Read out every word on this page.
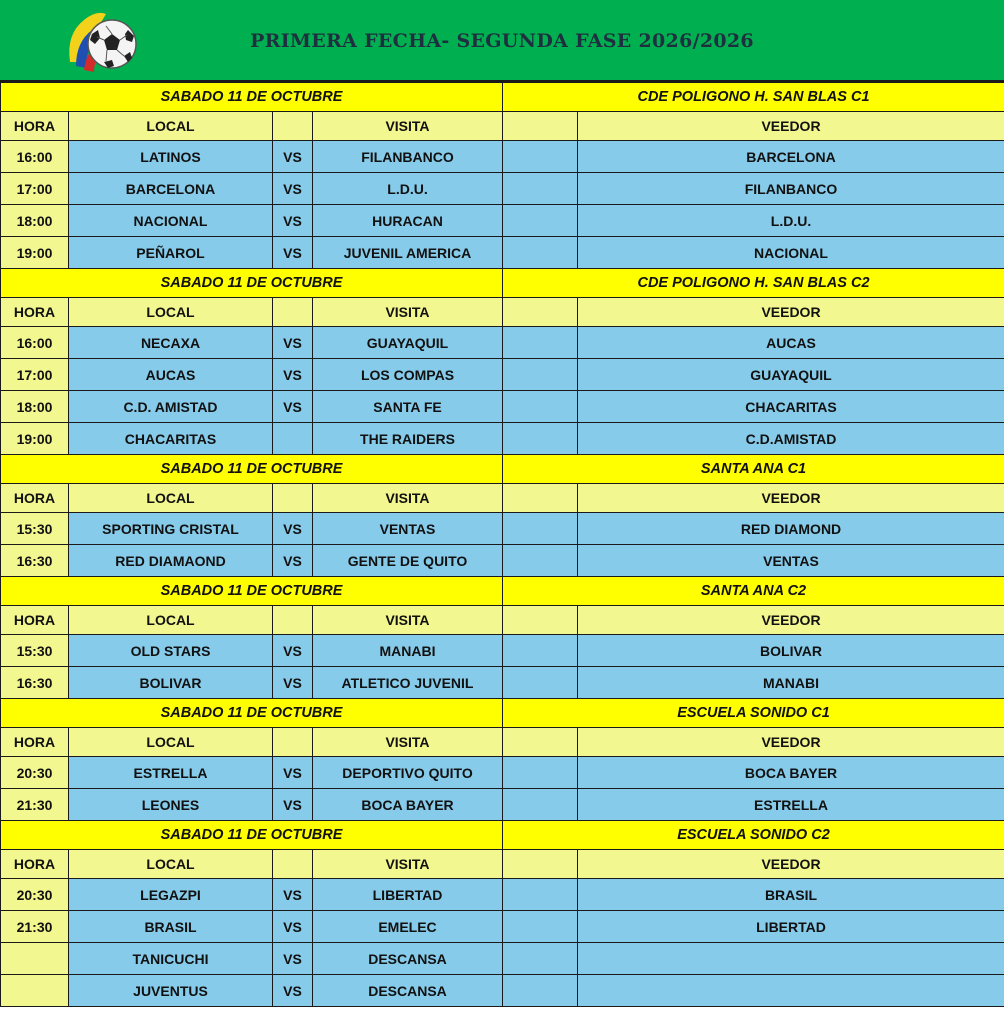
PRIMERA FECHA- SEGUNDA FASE 2026/2026
SABADO 11 DE OCTUBRE				CDE POLIGONO H. SAN BLAS C1	
HORA	LOCAL		VISITA		VEEDOR
16:00	LATINOS	VS	FILANBANCO		BARCELONA
17:00	BARCELONA	VS	L.D.U.		FILANBANCO
18:00	NACIONAL	VS	HURACAN		L.D.U.
19:00	PEÑAROL	VS	JUVENIL AMERICA		NACIONAL
SABADO 11 DE OCTUBRE				CDE POLIGONO H. SAN BLAS C2	
HORA	LOCAL		VISITA		VEEDOR
16:00	NECAXA	VS	GUAYAQUIL		AUCAS
17:00	AUCAS	VS	LOS COMPAS		GUAYAQUIL
18:00	C.D. AMISTAD	VS	SANTA FE		CHACARITAS
19:00	CHACARITAS		THE RAIDERS		C.D.AMISTAD
SABADO 11 DE OCTUBRE				SANTA ANA C1	
HORA	LOCAL		VISITA		VEEDOR
15:30	SPORTING CRISTAL	VS	VENTAS		RED DIAMOND
16:30	RED DIAMAOND	VS	GENTE DE QUITO		VENTAS
SABADO 11 DE OCTUBRE				SANTA ANA C2	
HORA	LOCAL		VISITA		VEEDOR
15:30	OLD STARS	VS	MANABI		BOLIVAR
16:30	BOLIVAR	VS	ATLETICO JUVENIL		MANABI
SABADO 11 DE OCTUBRE				ESCUELA SONIDO C1	
HORA	LOCAL		VISITA		VEEDOR
20:30	ESTRELLA	VS	DEPORTIVO QUITO		BOCA BAYER
21:30	LEONES	VS	BOCA BAYER		ESTRELLA
SABADO 11 DE OCTUBRE				ESCUELA SONIDO C2	
HORA	LOCAL		VISITA		VEEDOR
20:30	LEGAZPI	VS	LIBERTAD		BRASIL
21:30	BRASIL	VS	EMELEC		LIBERTAD
	TANICUCHI	VS	DESCANSA		
	JUVENTUS	VS	DESCANSA		
